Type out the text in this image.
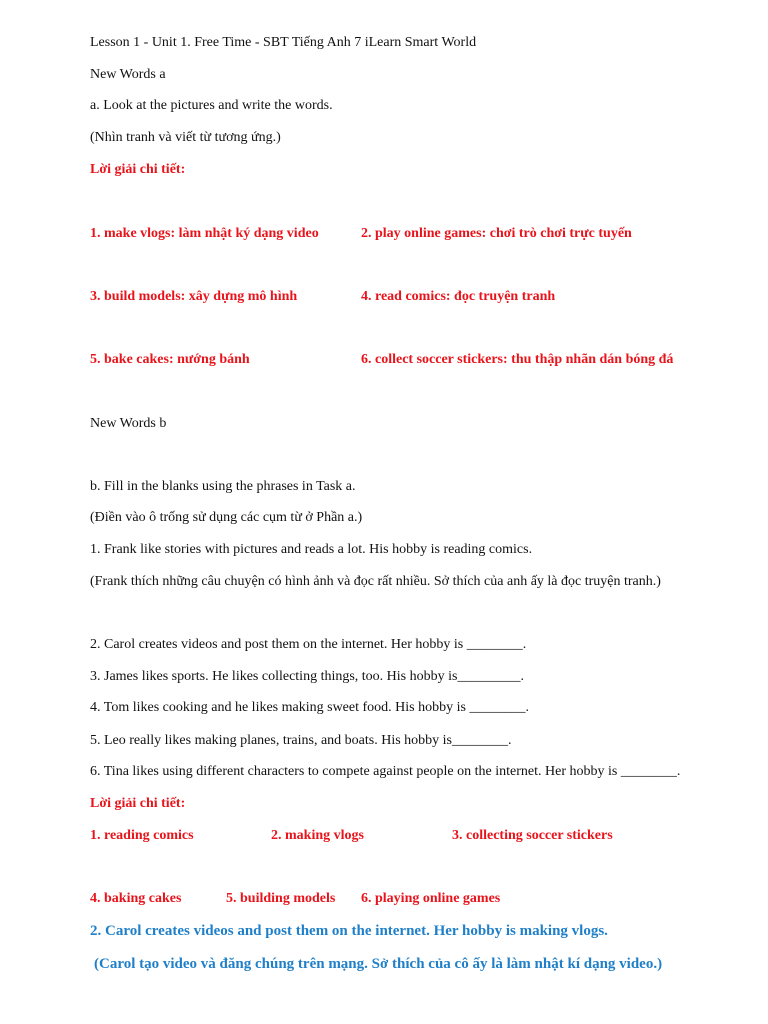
Lesson 1 - Unit 1. Free Time - SBT Tiếng Anh 7 iLearn Smart World
New Words a
a. Look at the pictures and write the words.
(Nhìn tranh và viết từ tương ứng.)
Lời giải chi tiết:
1. make vlogs: làm nhật ký dạng video	2. play online games: chơi trò chơi trực tuyến
3. build models: xây dựng mô hình	4. read comics: đọc truyện tranh
5. bake cakes: nướng bánh	6. collect soccer stickers: thu thập nhãn dán bóng đá
New Words b
b. Fill in the blanks using the phrases in Task a.
(Điền vào ô trống sử dụng các cụm từ ở Phần a.)
1. Frank like stories with pictures and reads a lot. His hobby is reading comics.
(Frank thích những câu chuyện có hình ảnh và đọc rất nhiều. Sở thích của anh ấy là đọc truyện tranh.)
2. Carol creates videos and post them on the internet. Her hobby is ________.
3. James likes sports. He likes collecting things, too. His hobby is_________.
4. Tom likes cooking and he likes making sweet food. His hobby is ________.
5. Leo really likes making planes, trains, and boats. His hobby is________.
6. Tina likes using different characters to compete against people on the internet. Her hobby is ________.
Lời giải chi tiết:
1. reading comics	2. making vlogs	3. collecting soccer stickers
4. baking cakes	5. building models 6. playing online games
2. Carol creates videos and post them on the internet. Her hobby is making vlogs.
(Carol tạo video và đăng chúng trên mạng. Sở thích của cô ấy là làm nhật kí dạng video.)
